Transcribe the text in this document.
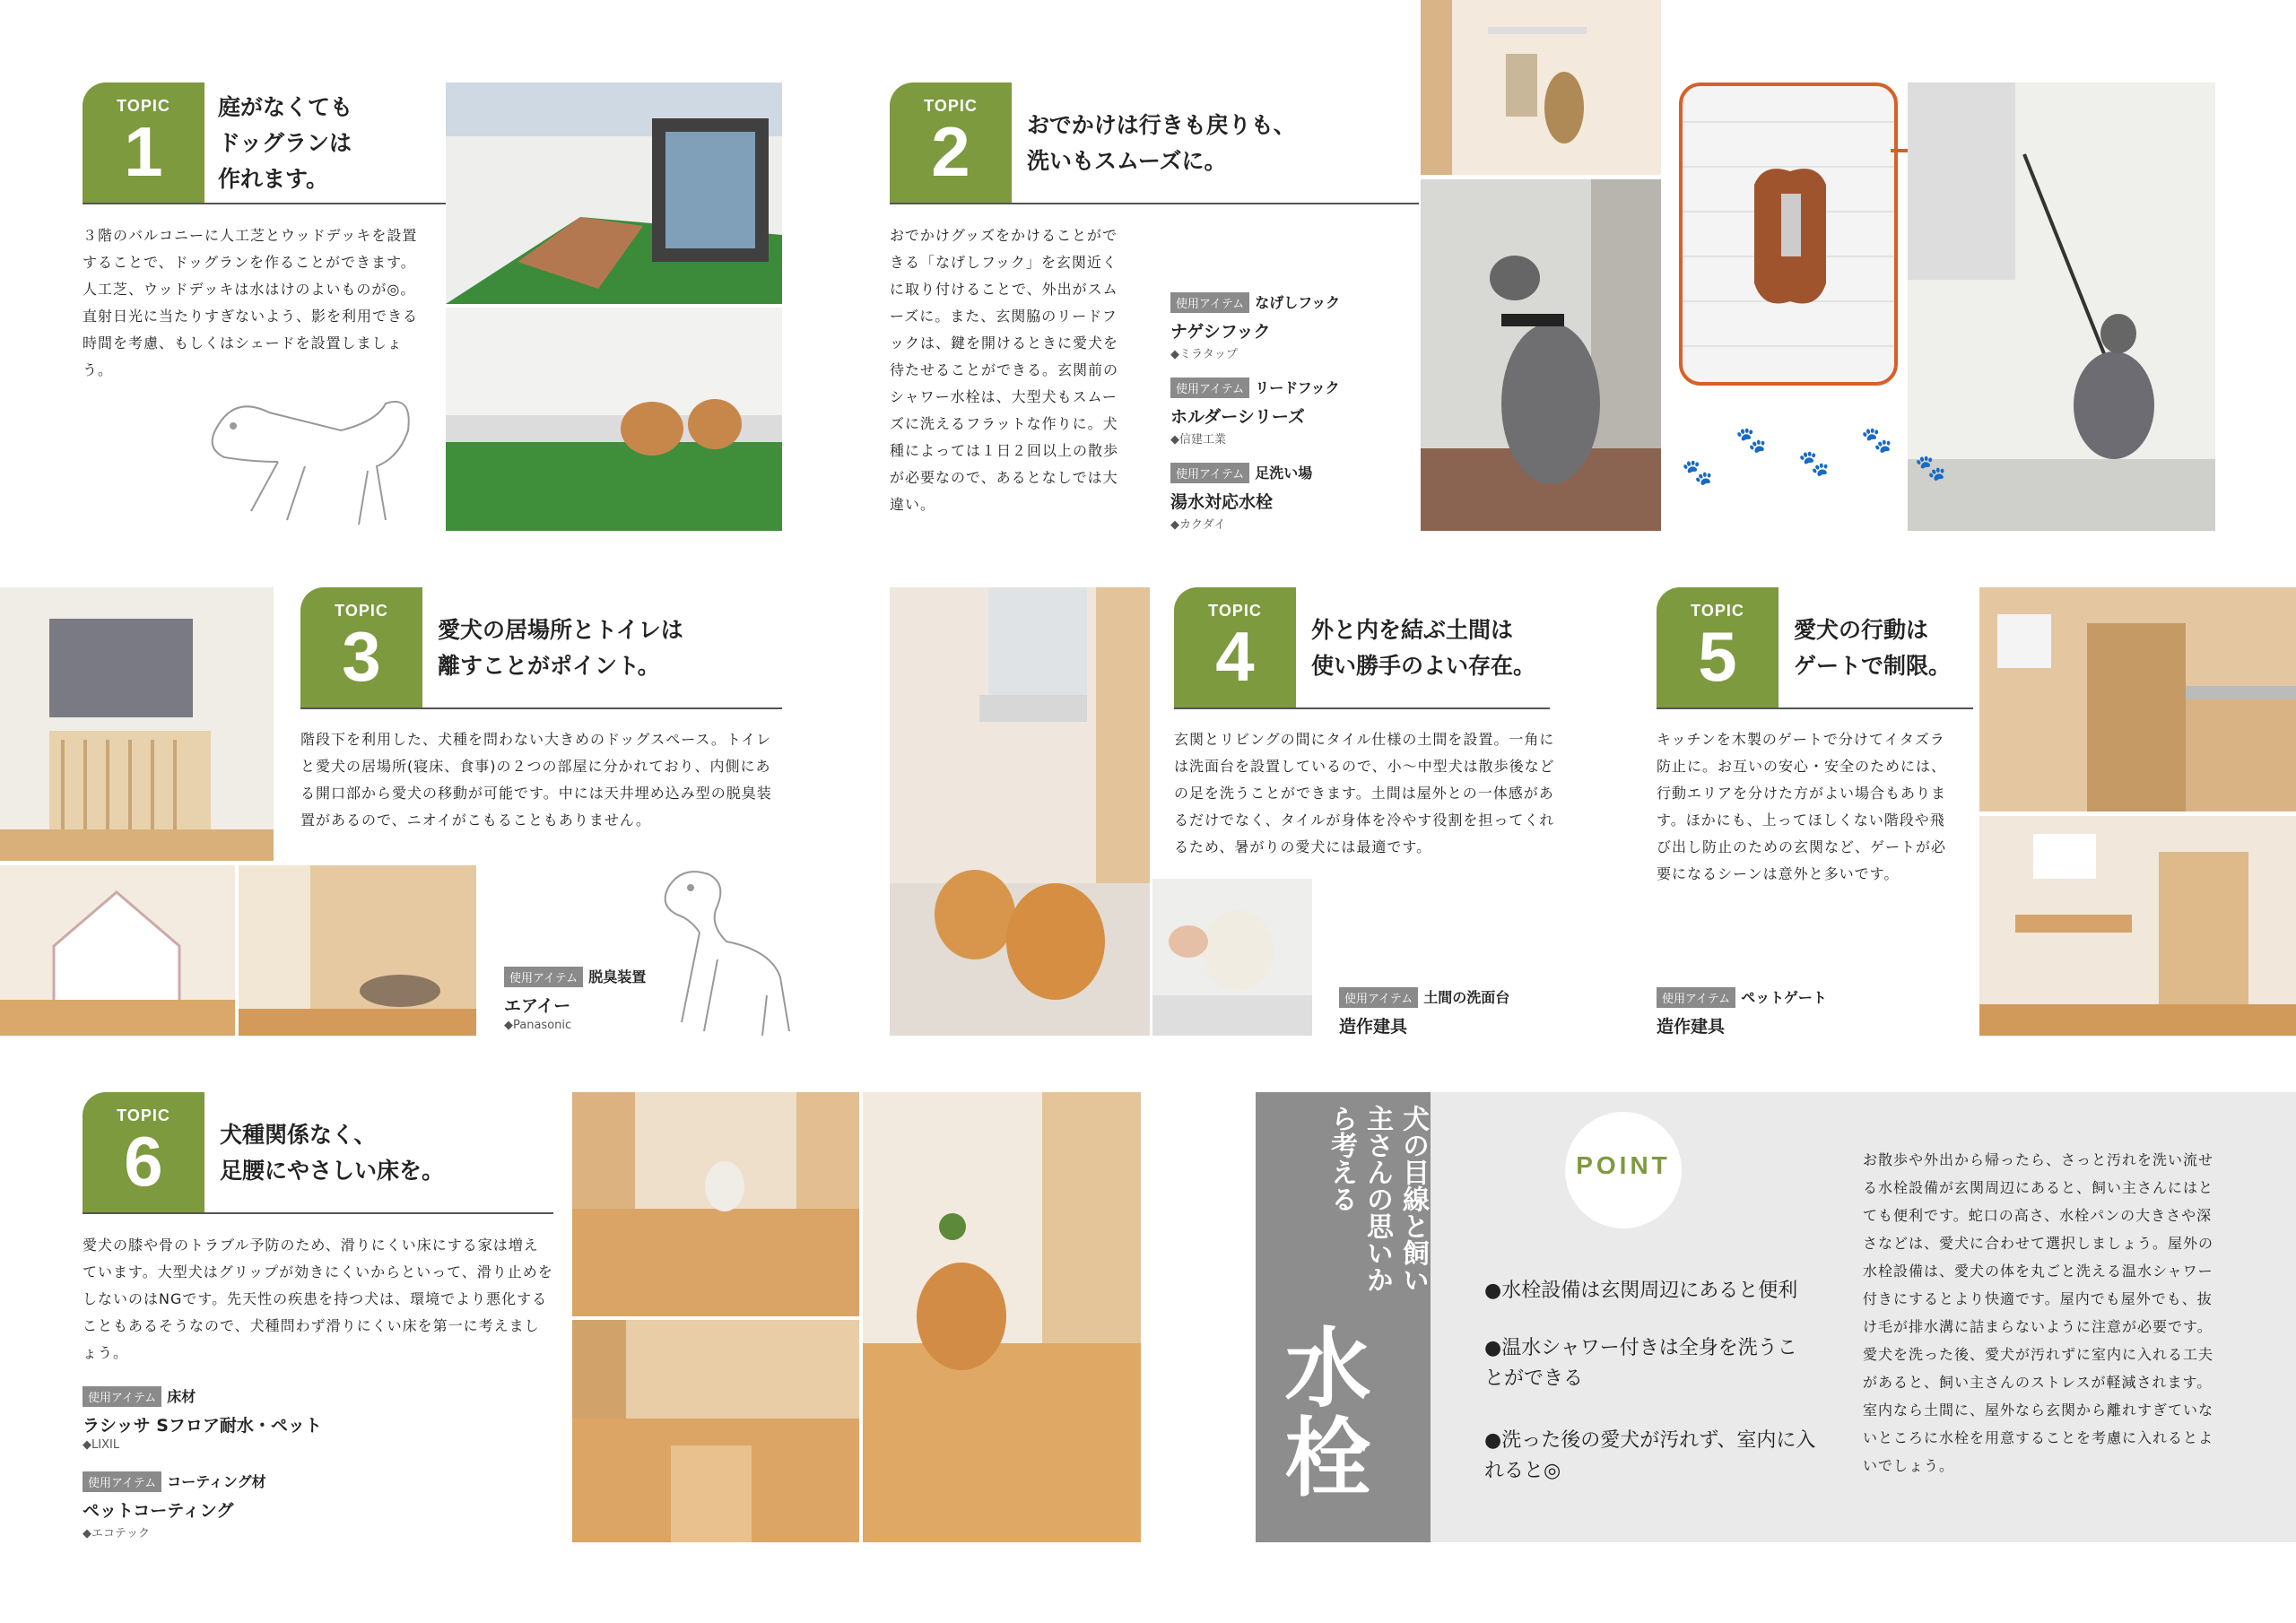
TOPIC
1
庭がなくても
ドッグランは
作れます。
３階のバルコニーに人工芝とウッドデッキを設置することで、ドッグランを作ることができます。人工芝、ウッドデッキは水はけのよいものが◎。直射日光に当たりすぎないよう、影を利用できる時間を考慮、もしくはシェードを設置しましょう。
TOPIC
2	おでかけは行きも戻りも、
洗いもスムーズに。
おでかけグッズをかけることができる「なげしフック」を玄関近くに取り付けることで、外出がスムーズに。また、玄関脇のリードフックは、鍵を開けるときに愛犬を待たせることができる。玄関前のシャワー水栓は、大型犬もスムーズに洗えるフラットな作りに。犬種によっては１日２回以上の散歩が必要なので、あるとなしでは大違い。
使用アイテム なげしフック
ナゲシフック
◆ミラタップ
使用アイテム リードフック
ホルダーシリーズ
◆信建工業
使用アイテム 足洗い場
湯水対応水栓
◆カクダイ
🐾	🐾
🐾	🐾	🐾
TOPIC
3	愛犬の居場所とトイレは
離すことがポイント。
階段下を利用した、犬種を問わない大きめのドッグスペース。トイレと愛犬の居場所(寝床、食事)の２つの部屋に分かれており、内側にある開口部から愛犬の移動が可能です。中には天井埋め込み型の脱臭装置があるので、ニオイがこもることもありません。
使用アイテム 脱臭装置
エアイー
◆Panasonic
TOPIC
4	外と内を結ぶ土間は
使い勝手のよい存在。
玄関とリビングの間にタイル仕様の土間を設置。一角には洗面台を設置しているので、小～中型犬は散歩後などの足を洗うことができます。土間は屋外との一体感があるだけでなく、タイルが身体を冷やす役割を担ってくれるため、暑がりの愛犬には最適です。
使用アイテム 土間の洗面台
造作建具
TOPIC
5	愛犬の行動は
ゲートで制限。
キッチンを木製のゲートで分けてイタズラ防止に。お互いの安心・安全のためには、行動エリアを分けた方がよい場合もあります。ほかにも、上ってほしくない階段や飛び出し防止のための玄関など、ゲートが必要になるシーンは意外と多いです。
使用アイテム ペットゲート
造作建具
TOPIC
6	犬種関係なく、
足腰にやさしい床を。
愛犬の膝や骨のトラブル予防のため、滑りにくい床にする家は増えています。大型犬はグリップが効きにくいからといって、滑り止めをしないのはNGです。先天性の疾患を持つ犬は、環境でより悪化することもあるそうなので、犬種問わず滑りにくい床を第一に考えましょう。
使用アイテム 床材
ラシッサ Sフロア耐水・ペット
◆LIXIL
使用アイテム コーティング材
ペットコーティング
◆エコテック
犬の目線と飼い主さんの思いから考える
水栓
POINT
●水栓設備は玄関周辺にあると便利
●温水シャワー付きは全身を洗うことができる
●洗った後の愛犬が汚れず、室内に入れると◎
お散歩や外出から帰ったら、さっと汚れを洗い流せる水栓設備が玄関周辺にあると、飼い主さんにはとても便利です。蛇口の高さ、水栓パンの大きさや深さなどは、愛犬に合わせて選択しましょう。屋外の水栓設備は、愛犬の体を丸ごと洗える温水シャワー付きにするとより快適です。屋内でも屋外でも、抜け毛が排水溝に詰まらないように注意が必要です。愛犬を洗った後、愛犬が汚れずに室内に入れる工夫があると、飼い主さんのストレスが軽減されます。室内なら土間に、屋外なら玄関から離れすぎていないところに水栓を用意することを考慮に入れるとよいでしょう。
